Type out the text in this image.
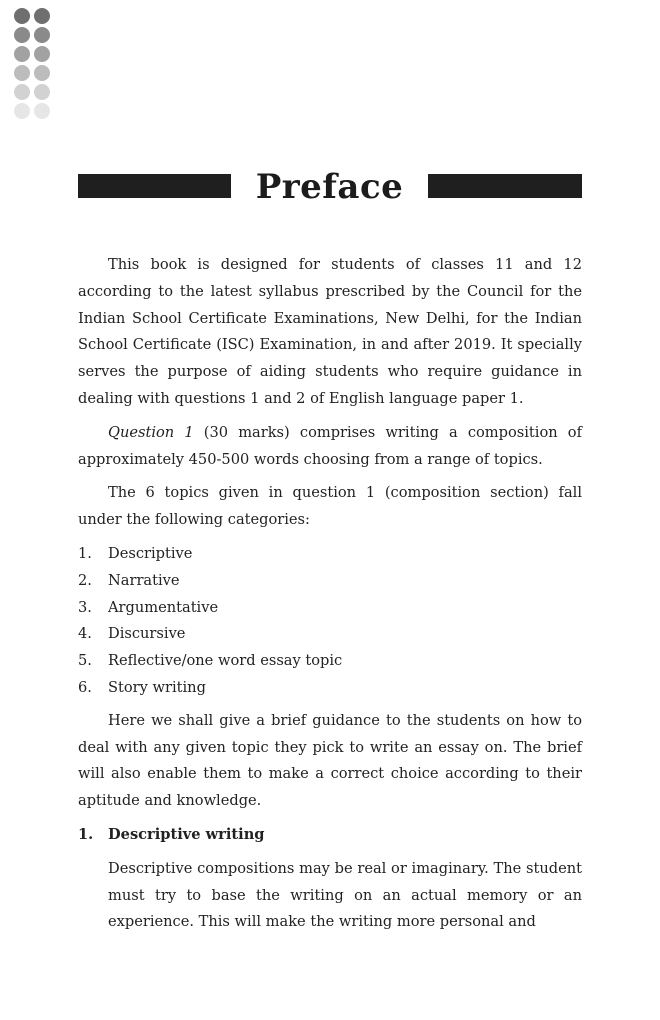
Preface

This book is designed for students of classes 11 and 12 according to the latest syllabus prescribed by the Council for the Indian School Certificate Examinations, New Delhi, for the Indian School Certificate (ISC) Examination, in and after 2019. It specially serves the purpose of aiding students who require guidance in dealing with questions 1 and 2 of English language paper 1.

Question 1 (30 marks) comprises writing a composition of approximately 450-500 words choosing from a range of topics.

The 6 topics given in question 1 (composition section) fall under the following categories:

1.	Descriptive
2.	Narrative
3.	Argumentative
4.	Discursive
5.	Reflective/one word essay topic
6.	Story writing

Here we shall give a brief guidance to the students on how to deal with any given topic they pick to write an essay on. The brief will also enable them to make a correct choice according to their aptitude and knowledge.

1.	Descriptive writing

Descriptive compositions may be real or imaginary. The student must try to base the writing on an actual memory or an experience. This will make the writing more personal and
